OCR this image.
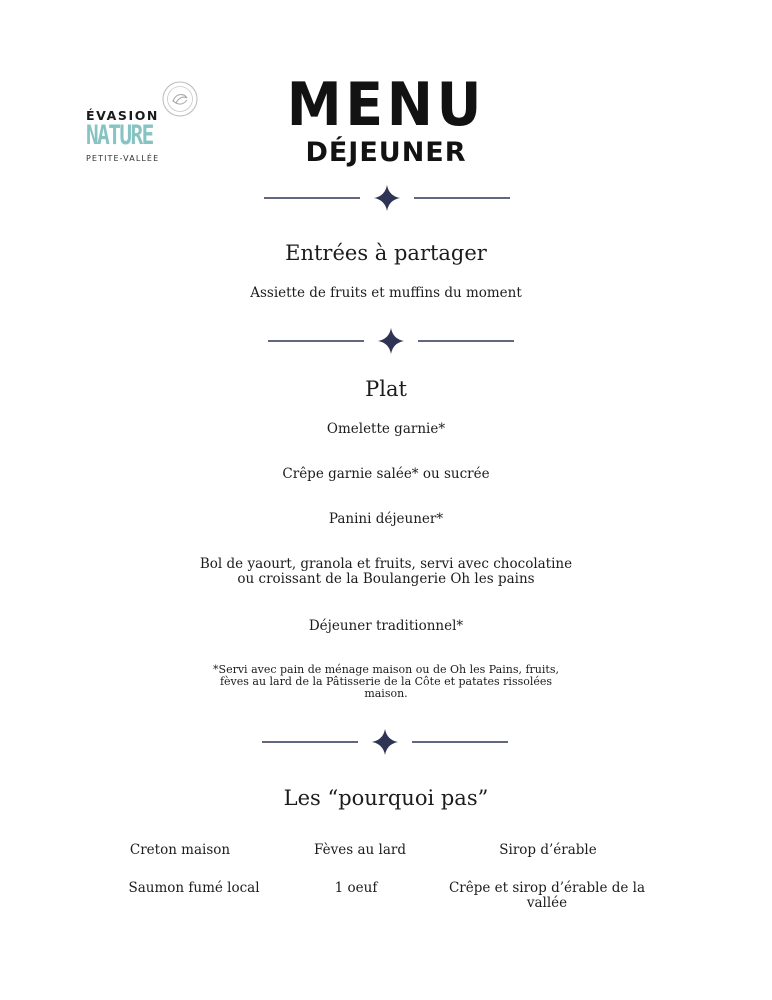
ÉVASION
NATURE
PETITE-VALLÉE
MENU
DÉJEUNER
Entrées à partager
Assiette de fruits et muffins du moment
Plat
Omelette garnie*
Crêpe garnie salée* ou sucrée
Panini déjeuner*
Bol de yaourt, granola et fruits, servi avec chocolatine
ou croissant de la Boulangerie Oh les pains
Déjeuner traditionnel*
*Servi avec pain de ménage maison ou de Oh les Pains, fruits,
fèves au lard de la Pâtisserie de la Côte et patates rissolées
maison.
Les “pourquoi pas”
Creton maison	Fèves au lard	Sirop d’érable
Saumon fumé local	1 oeuf	Crêpe et sirop d’érable de la
vallée
